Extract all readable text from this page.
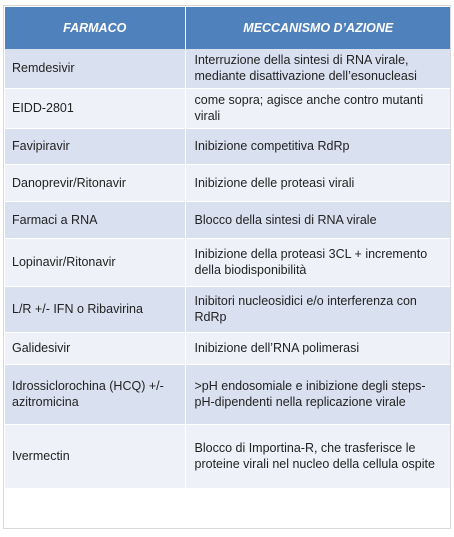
FARMACO	MECCANISMO D’AZIONE
Remdesivir	Interruzione della sintesi di RNA virale, mediante disattivazione dell’esonucleasi
EIDD-2801	come sopra; agisce anche contro mutanti virali
Favipiravir	Inibizione competitiva RdRp
Danoprevir/Ritonavir	Inibizione delle proteasi virali
Farmaci a RNA	Blocco della sintesi di RNA virale
Lopinavir/Ritonavir	Inibizione della proteasi 3CL + incremento della biodisponibilità
L/R +/- IFN o Ribavirina	Inibitori nucleosidici e/o interferenza con RdRp
Galidesivir	Inibizione dell’RNA polimerasi
Idrossiclorochina (HCQ) +/- azitromicina	>pH endosomiale e inibizione degli steps-pH-dipendenti nella replicazione virale
Ivermectin	Blocco di Importina-R, che trasferisce le proteine virali nel nucleo della cellula ospite
